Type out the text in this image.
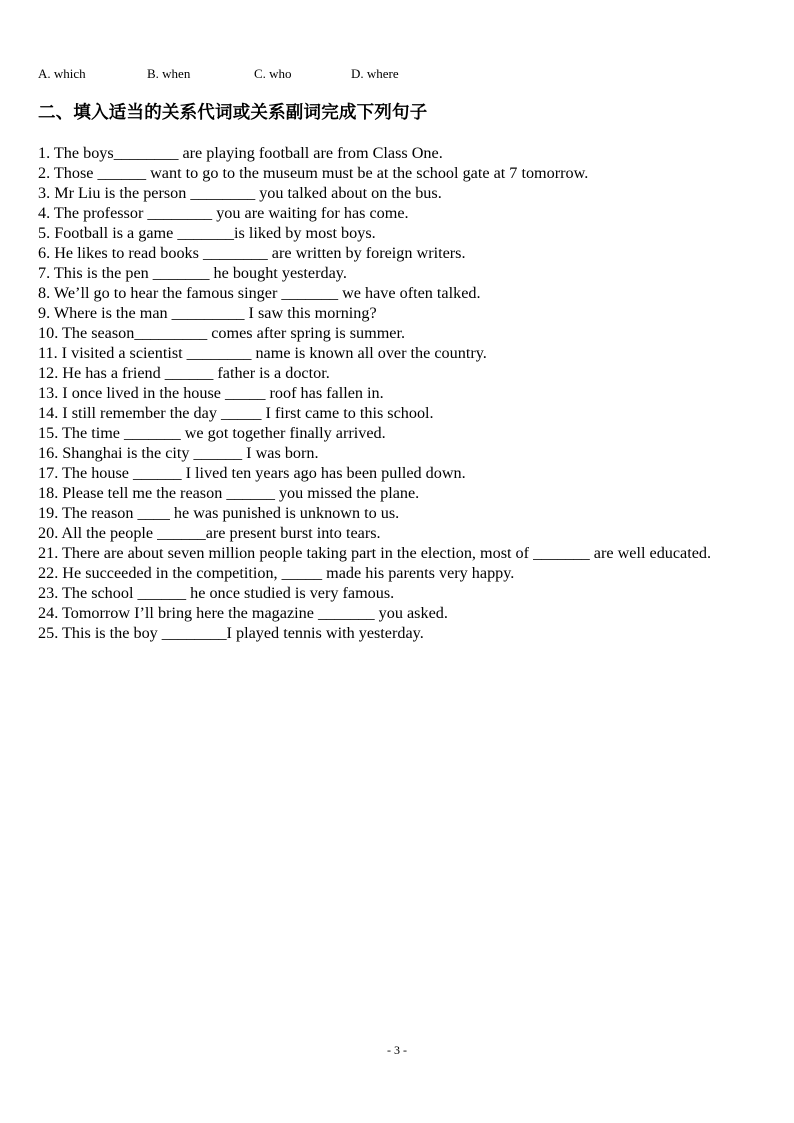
A. which	B. when	C. who	D. where
二、填入适当的关系代词或关系副词完成下列句子
1. The boys________ are playing football are from Class One.
2. Those ______ want to go to the museum must be at the school gate at 7 tomorrow.
3. Mr Liu is the person ________ you talked about on the bus.
4. The professor ________ you are waiting for has come.
5. Football is a game _______is liked by most boys.
6. He likes to read books ________ are written by foreign writers.
7. This is the pen _______ he bought yesterday.
8. We’ll go to hear the famous singer _______ we have often talked.
9. Where is the man _________ I saw this morning?
10. The season_________ comes after spring is summer.
11. I visited a scientist ________ name is known all over the country.
12. He has a friend ______ father is a doctor.
13. I once lived in the house _____ roof has fallen in.
14. I still remember the day _____ I first came to this school.
15. The time _______ we got together finally arrived.
16. Shanghai is the city ______ I was born.
17. The house ______ I lived ten years ago has been pulled down.
18. Please tell me the reason ______ you missed the plane.
19. The reason ____ he was punished is unknown to us.
20. All the people ______are present burst into tears.
21. There are about seven million people taking part in the election, most of _______ are well educated.
22. He succeeded in the competition, _____ made his parents very happy.
23. The school ______ he once studied is very famous.
24. Tomorrow I’ll bring here the magazine _______ you asked.
25. This is the boy ________I played tennis with yesterday.
- 3 -
